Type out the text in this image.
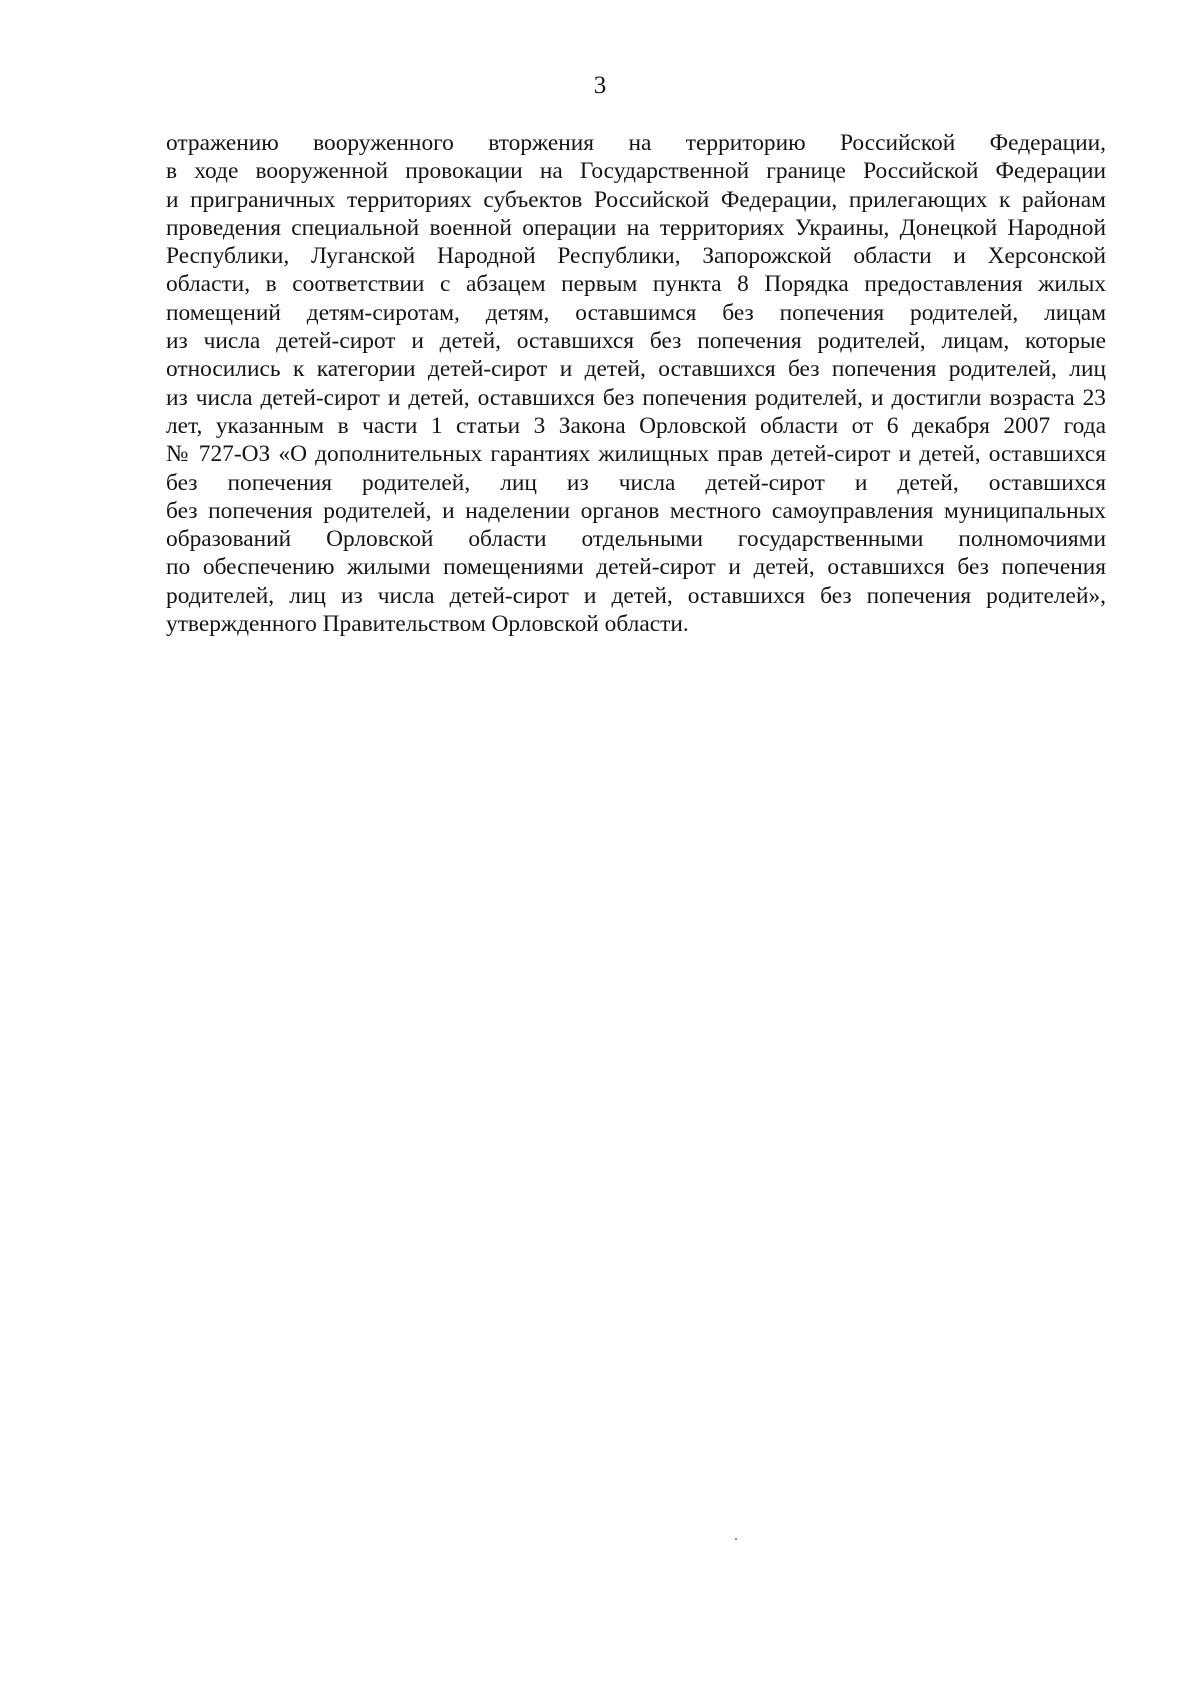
3
отражению вооруженного вторжения на территорию Российской Федерации,
в ходе вооруженной провокации на Государственной границе Российской Федерации
и приграничных территориях субъектов Российской Федерации, прилегающих к районам
проведения специальной военной операции на территориях Украины, Донецкой Народной
Республики, Луганской Народной Республики, Запорожской области и Херсонской
области, в соответствии с абзацем первым пункта 8 Порядка предоставления жилых
помещений детям-сиротам, детям, оставшимся без попечения родителей, лицам
из числа детей-сирот и детей, оставшихся без попечения родителей, лицам, которые
относились к категории детей-сирот и детей, оставшихся без попечения родителей, лиц
из числа детей-сирот и детей, оставшихся без попечения родителей, и достигли возраста 23
лет, указанным в части 1 статьи 3 Закона Орловской области от 6 декабря 2007 года
№ 727-ОЗ «О дополнительных гарантиях жилищных прав детей-сирот и детей, оставшихся
без попечения родителей, лиц из числа детей-сирот и детей, оставшихся
без попечения родителей, и наделении органов местного самоуправления муниципальных
образований Орловской области отдельными государственными полномочиями
по обеспечению жилыми помещениями детей-сирот и детей, оставшихся без попечения
родителей, лиц из числа детей-сирот и детей, оставшихся без попечения родителей»,
утвержденного Правительством Орловской области.
